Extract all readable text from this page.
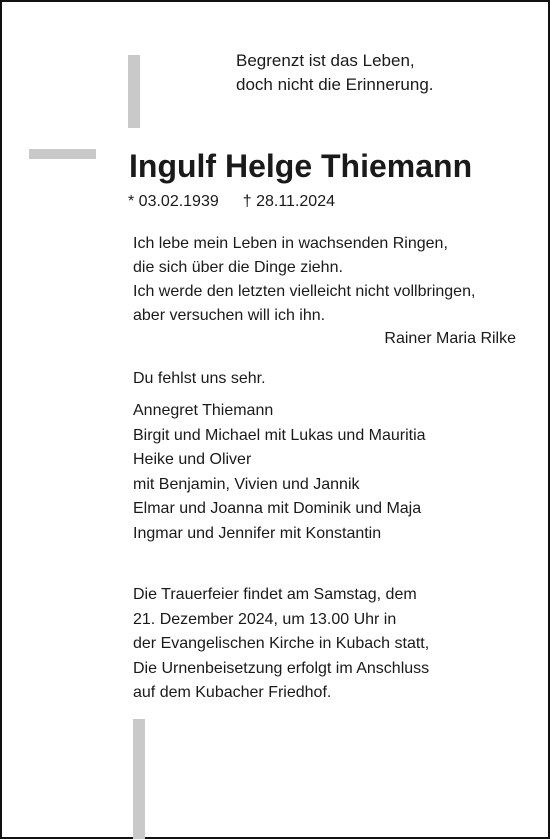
Begrenzt ist das Leben,
doch nicht die Erinnerung.
Ingulf Helge Thiemann
* 03.02.1939 † 28.11.2024
Ich lebe mein Leben in wachsenden Ringen,
die sich über die Dinge ziehn.
Ich werde den letzten vielleicht nicht vollbringen,
aber versuchen will ich ihn.
Rainer Maria Rilke
Du fehlst uns sehr.
Annegret Thiemann
Birgit und Michael mit Lukas und Mauritia
Heike und Oliver
mit Benjamin, Vivien und Jannik
Elmar und Joanna mit Dominik und Maja
Ingmar und Jennifer mit Konstantin
Die Trauerfeier findet am Samstag, dem
21. Dezember 2024, um 13.00 Uhr in
der Evangelischen Kirche in Kubach statt,
Die Urnenbeisetzung erfolgt im Anschluss
auf dem Kubacher Friedhof.
